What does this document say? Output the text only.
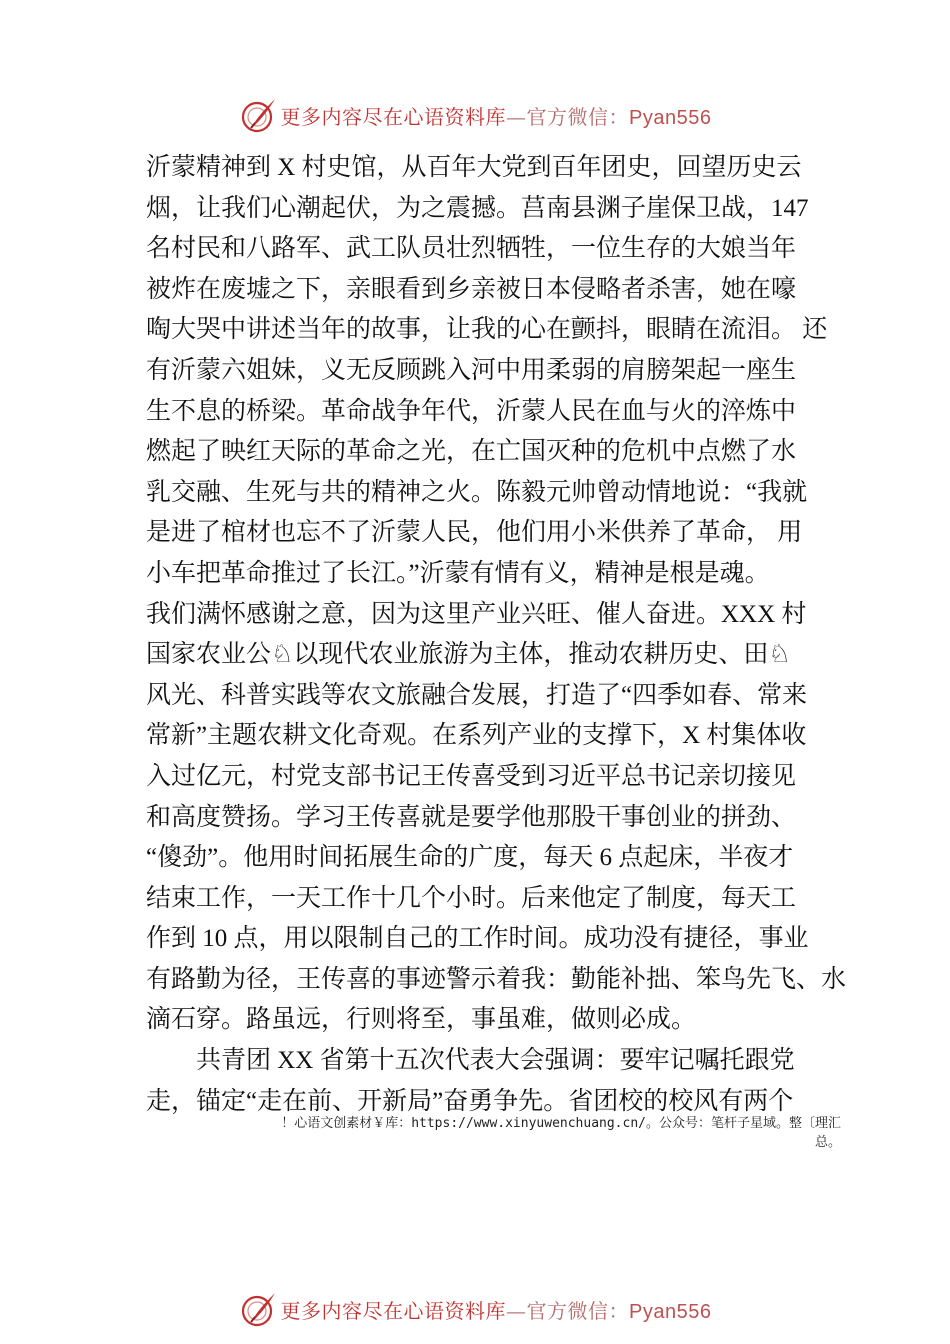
更多内容尽在心语资料库—官方微信：Pyan556
沂蒙精神到 X 村史馆，从百年大党到百年团史，回望历史云
烟，让我们心潮起伏，为之震撼。莒南县渊子崖保卫战，147
名村民和八路军、武工队员壮烈牺牲，一位生存的大娘当年
被炸在废墟之下，亲眼看到乡亲被日本侵略者杀害，她在嚎
啕大哭中讲述当年的故事，让我的心在颤抖，眼睛在流泪。 还
有沂蒙六姐妹，义无反顾跳入河中用柔弱的肩膀架起一座生
生不息的桥梁。革命战争年代，沂蒙人民在血与火的淬炼中
燃起了映红天际的革命之光，在亡国灭种的危机中点燃了水
乳交融、生死与共的精神之火。陈毅元帅曾动情地说：“我就
是进了棺材也忘不了沂蒙人民，他们用小米供养了革命， 用
小车把革命推过了长江。”沂蒙有情有义，精神是根是魂。
我们满怀感谢之意，因为这里产业兴旺、催人奋进。XXX 村
国家农业公♘以现代农业旅游为主体，推动农耕历史、田♘
风光、科普实践等农文旅融合发展，打造了“四季如春、常来
常新”主题农耕文化奇观。在系列产业的支撑下，X 村集体收
入过亿元，村党支部书记王传喜受到习近平总书记亲切接见
和高度赞扬。学习王传喜就是要学他那股干事创业的拼劲、
“傻劲”。他用时间拓展生命的广度，每天 6 点起床，半夜才
结束工作，一天工作十几个小时。后来他定了制度，每天工
作到 10 点，用以限制自己的工作时间。成功没有捷径，事业
有路勤为径，王传喜的事迹警示着我：勤能补拙、笨鸟先飞、水
滴石穿。路虽远，行则将至，事虽难，做则必成。
　　共青团 XX 省第十五次代表大会强调：要牢记嘱托跟党
走，锚定“走在前、开新局”奋勇争先。省团校的校风有两个
！心语文创素材￥库：https://www.xinyuwenchuang.cn/。公众号：笔杆子星域。整〔理汇
总。
更多内容尽在心语资料库—官方微信：Pyan556
